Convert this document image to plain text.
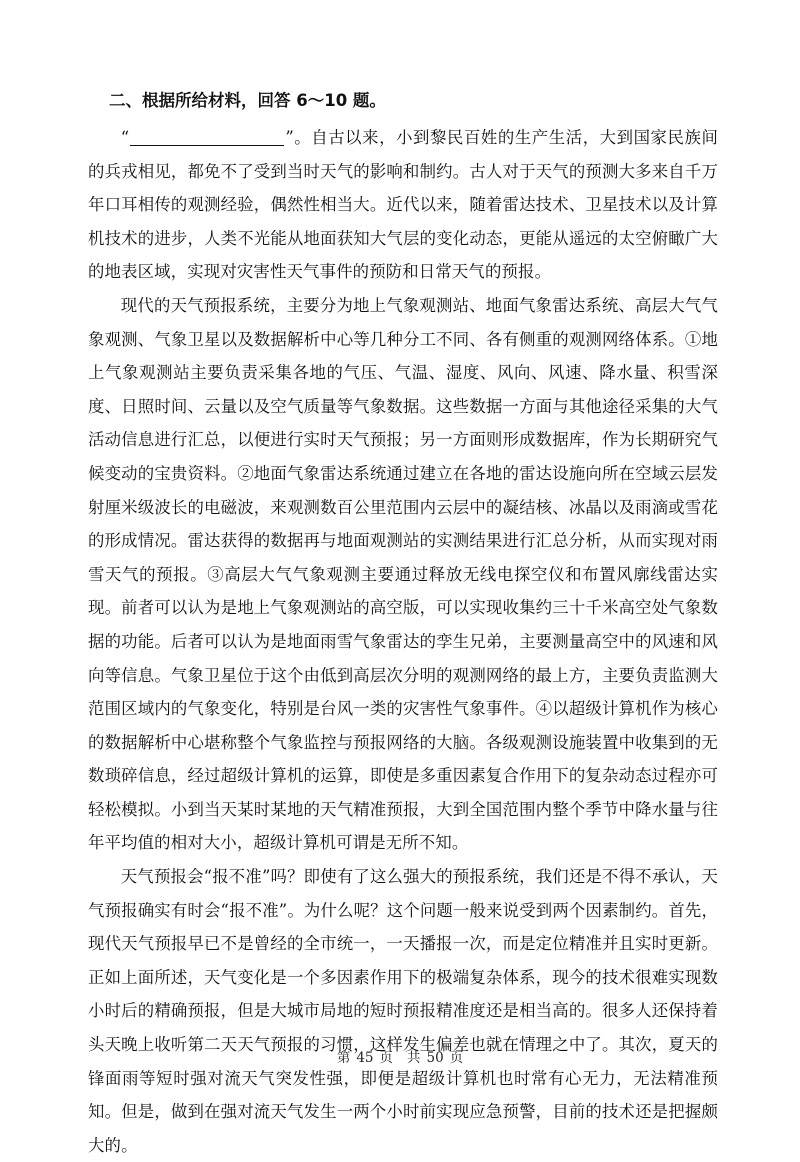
二、根据所给材料，回答 6～10 题。

“	”。自古以来，小到黎民百姓的生产生活，大到国家民族间的兵戎相见，都免不了受到当时天气的影响和制约。古人对于天气的预测大多来自千万年口耳相传的观测经验，偶然性相当大。近代以来，随着雷达技术、卫星技术以及计算机技术的进步，人类不光能从地面获知大气层的变化动态，更能从遥远的太空俯瞰广大的地表区域，实现对灾害性天气事件的预防和日常天气的预报。

现代的天气预报系统，主要分为地上气象观测站、地面气象雷达系统、高层大气气象观测、气象卫星以及数据解析中心等几种分工不同、各有侧重的观测网络体系。①地上气象观测站主要负责采集各地的气压、气温、湿度、风向、风速、降水量、积雪深度、日照时间、云量以及空气质量等气象数据。这些数据一方面与其他途径采集的大气活动信息进行汇总，以便进行实时天气预报；另一方面则形成数据库，作为长期研究气候变动的宝贵资料。②地面气象雷达系统通过建立在各地的雷达设施向所在空域云层发射厘米级波长的电磁波，来观测数百公里范围内云层中的凝结核、冰晶以及雨滴或雪花的形成情况。雷达获得的数据再与地面观测站的实测结果进行汇总分析，从而实现对雨雪天气的预报。③高层大气气象观测主要通过释放无线电探空仪和布置风廓线雷达实现。前者可以认为是地上气象观测站的高空版，可以实现收集约三十千米高空处气象数据的功能。后者可以认为是地面雨雪气象雷达的孪生兄弟，主要测量高空中的风速和风向等信息。气象卫星位于这个由低到高层次分明的观测网络的最上方，主要负责监测大范围区域内的气象变化，特别是台风一类的灾害性气象事件。④以超级计算机作为核心的数据解析中心堪称整个气象监控与预报网络的大脑。各级观测设施装置中收集到的无数琐碎信息，经过超级计算机的运算，即使是多重因素复合作用下的复杂动态过程亦可轻松模拟。小到当天某时某地的天气精准预报，大到全国范围内整个季节中降水量与往年平均值的相对大小，超级计算机可谓是无所不知。

天气预报会“报不准”吗？即使有了这么强大的预报系统，我们还是不得不承认，天气预报确实有时会“报不准”。为什么呢？这个问题一般来说受到两个因素制约。首先，现代天气预报早已不是曾经的全市统一，一天播报一次，而是定位精准并且实时更新。正如上面所述，天气变化是一个多因素作用下的极端复杂体系，现今的技术很难实现数小时后的精确预报，但是大城市局地的短时预报精准度还是相当高的。很多人还保持着头天晚上收听第二天天气预报的习惯，这样发生偏差也就在情理之中了。其次，夏天的锋面雨等短时强对流天气突发性强，即便是超级计算机也时常有心无力，无法精准预知。但是，做到在强对流天气发生一两个小时前实现应急预警，目前的技术还是把握颇大的。

第 45 页 共 50 页
